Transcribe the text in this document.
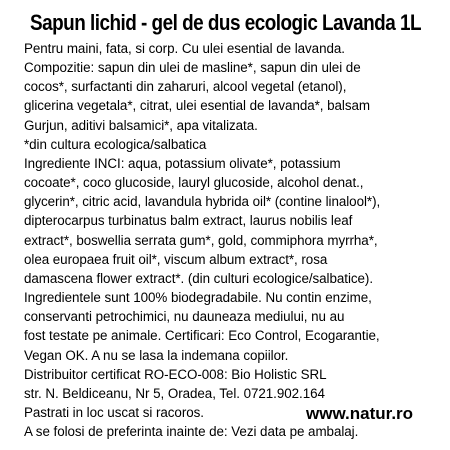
Sapun lichid - gel de dus ecologic Lavanda 1L
Pentru maini, fata, si corp. Cu ulei esential de lavanda.
Compozitie: sapun din ulei de masline*, sapun din ulei de
cocos*, surfactanti din zaharuri, alcool vegetal (etanol),
glicerina vegetala*, citrat, ulei esential de lavanda*, balsam
Gurjun, aditivi balsamici*, apa vitalizata.
*din cultura ecologica/salbatica
Ingrediente INCI: aqua, potassium olivate*, potassium
cocoate*, coco glucoside, lauryl glucoside, alcohol denat.,
glycerin*, citric acid, lavandula hybrida oil* (contine linalool*),
dipterocarpus turbinatus balm extract, laurus nobilis leaf
extract*, boswellia serrata gum*, gold, commiphora myrrha*,
olea europaea fruit oil*, viscum album extract*, rosa
damascena flower extract*. (din culturi ecologice/salbatice).
Ingredientele sunt 100% biodegradabile. Nu contin enzime,
conservanti petrochimici, nu dauneaza mediului, nu au
fost testate pe animale. Certificari: Eco Control, Ecogarantie,
Vegan OK. A nu se lasa la indemana copiilor.
Distribuitor certificat RO-ECO-008: Bio Holistic SRL
str. N. Beldiceanu, Nr 5, Oradea, Tel. 0721.902.164
Pastrati in loc uscat si racoros.
A se folosi de preferinta inainte de: Vezi data pe ambalaj.
www.natur.ro
